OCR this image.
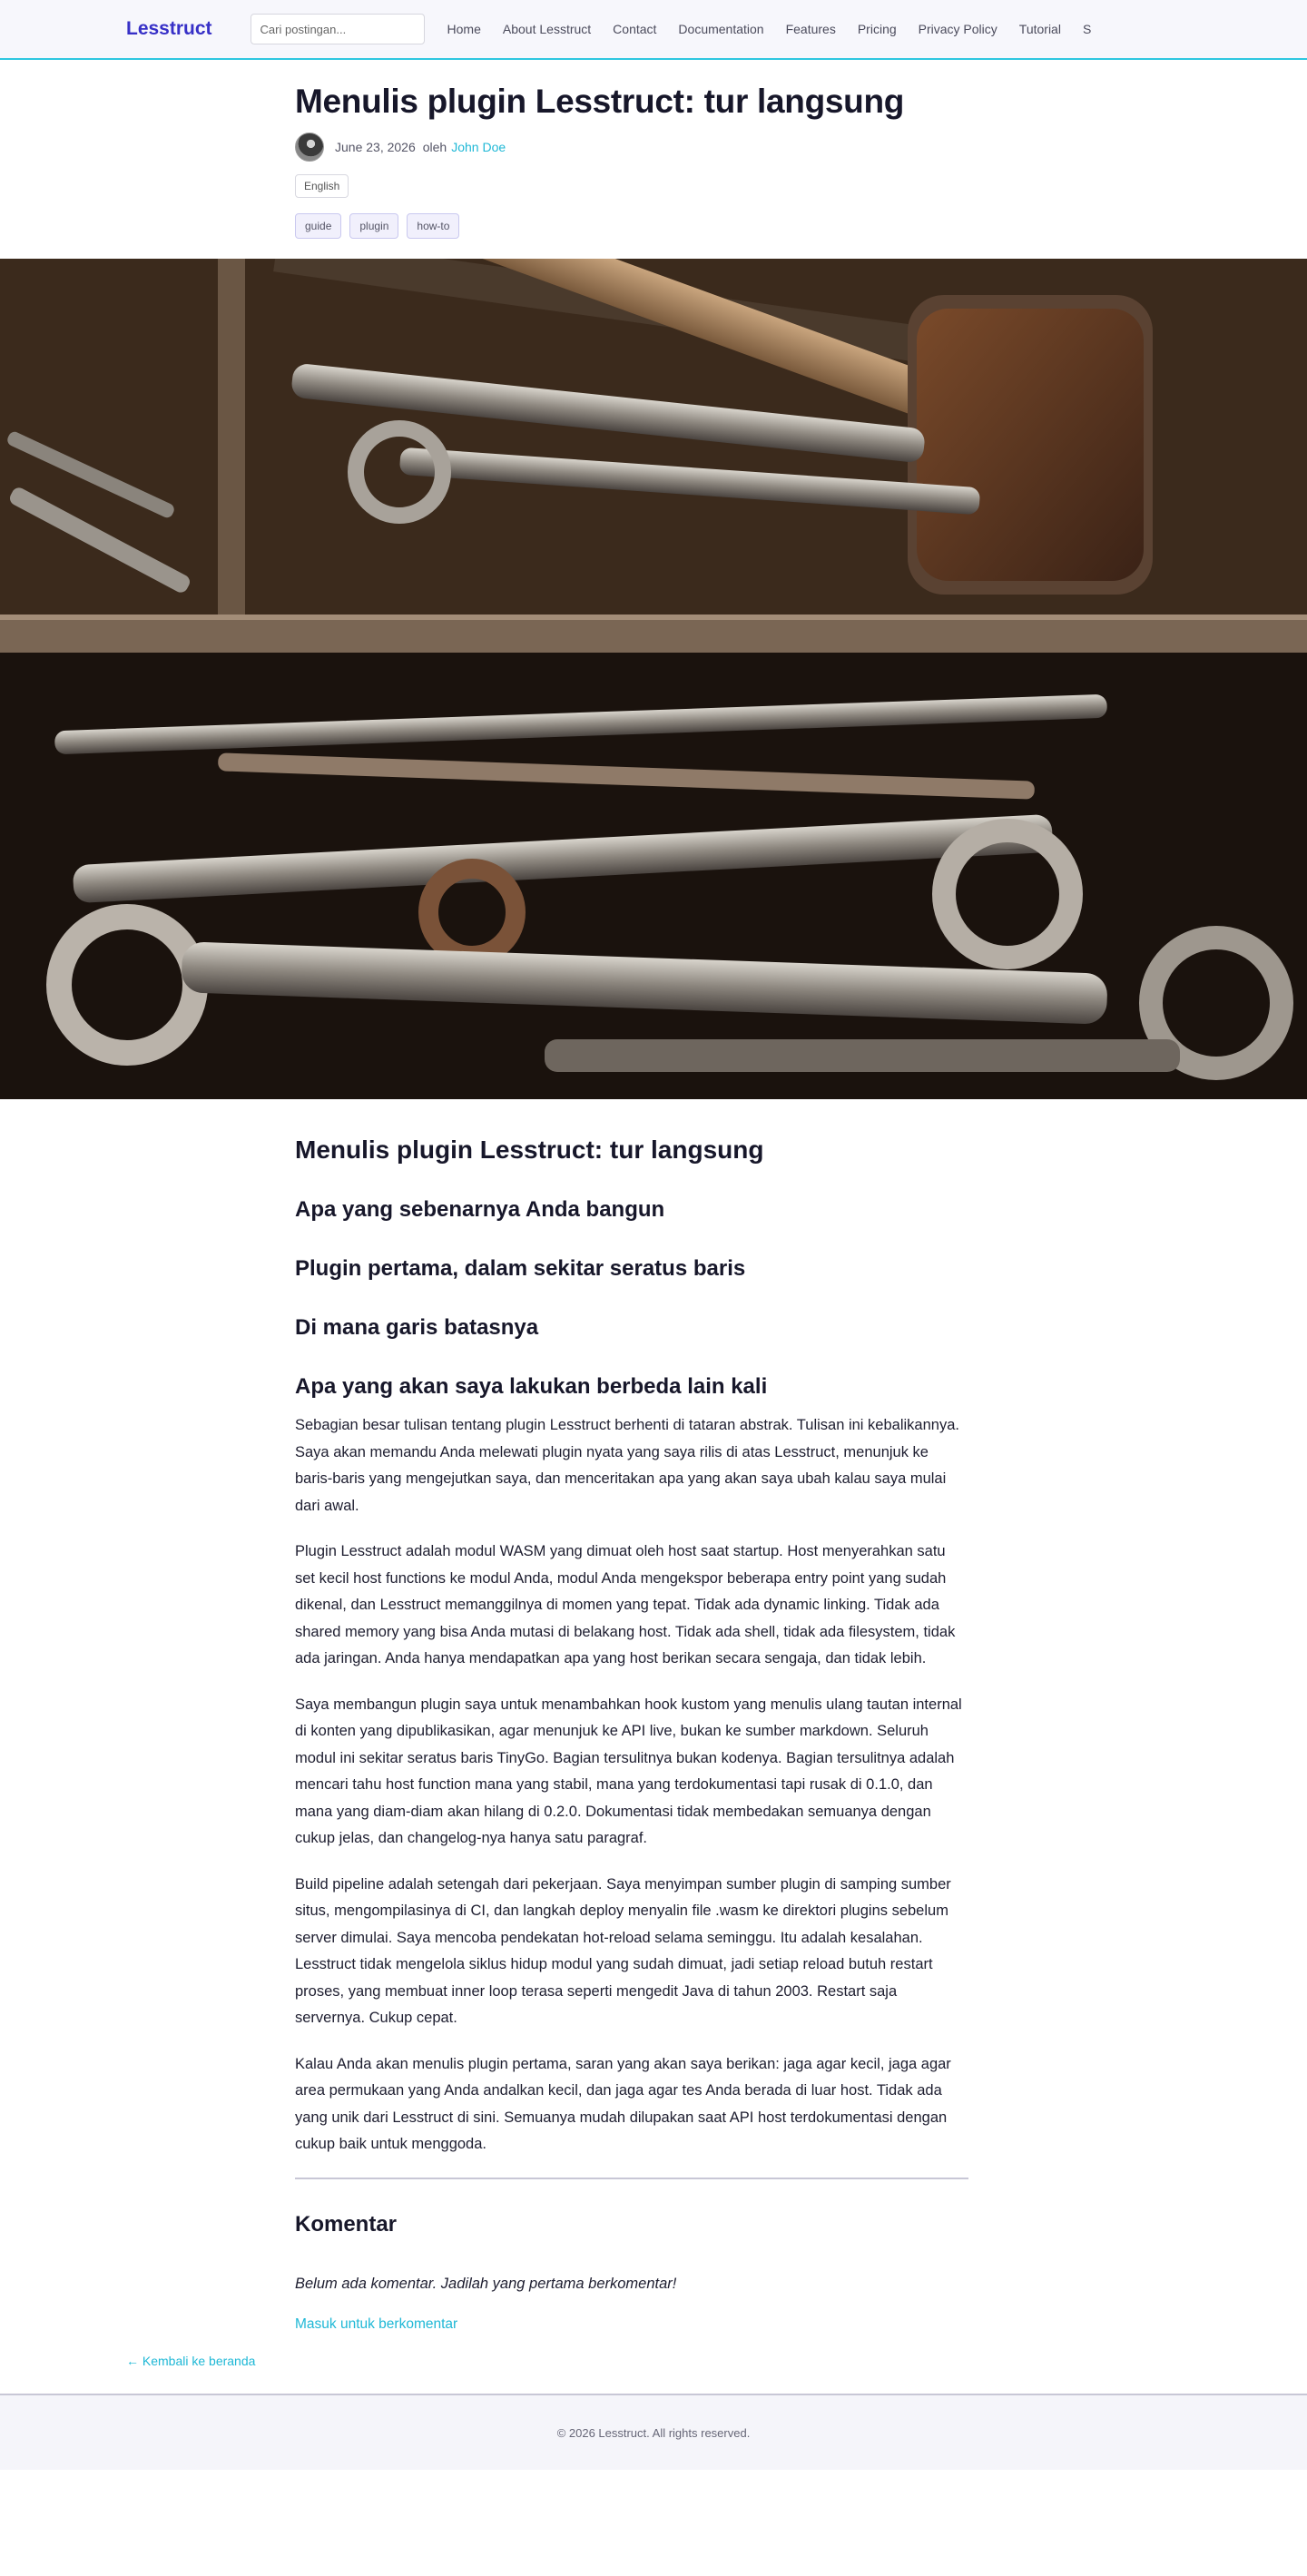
Lesstruct
Cari postingan...	Home About Lesstruct Contact Documentation Features Pricing Privacy Policy Tutorial S
Menulis plugin Lesstruct: tur langsung
June 23, 2026 oleh John Doe
English
guide	plugin	how-to
Menulis plugin Lesstruct: tur langsung
Apa yang sebenarnya Anda bangun
Plugin pertama, dalam sekitar seratus baris
Di mana garis batasnya
Apa yang akan saya lakukan berbeda lain kali

Sebagian besar tulisan tentang plugin Lesstruct berhenti di tataran abstrak. Tulisan ini kebalikannya. Saya akan memandu Anda melewati plugin nyata yang saya rilis di atas Lesstruct, menunjuk ke baris-baris yang mengejutkan saya, dan menceritakan apa yang akan saya ubah kalau saya mulai dari awal.

Plugin Lesstruct adalah modul WASM yang dimuat oleh host saat startup. Host menyerahkan satu set kecil host functions ke modul Anda, modul Anda mengekspor beberapa entry point yang sudah dikenal, dan Lesstruct memanggilnya di momen yang tepat. Tidak ada dynamic linking. Tidak ada shared memory yang bisa Anda mutasi di belakang host. Tidak ada shell, tidak ada filesystem, tidak ada jaringan. Anda hanya mendapatkan apa yang host berikan secara sengaja, dan tidak lebih.

Saya membangun plugin saya untuk menambahkan hook kustom yang menulis ulang tautan internal di konten yang dipublikasikan, agar menunjuk ke API live, bukan ke sumber markdown. Seluruh modul ini sekitar seratus baris TinyGo. Bagian tersulitnya bukan kodenya. Bagian tersulitnya adalah mencari tahu host function mana yang stabil, mana yang terdokumentasi tapi rusak di 0.1.0, dan mana yang diam-diam akan hilang di 0.2.0. Dokumentasi tidak membedakan semuanya dengan cukup jelas, dan changelog-nya hanya satu paragraf.

Build pipeline adalah setengah dari pekerjaan. Saya menyimpan sumber plugin di samping sumber situs, mengompilasinya di CI, dan langkah deploy menyalin file .wasm ke direktori plugins sebelum server dimulai. Saya mencoba pendekatan hot-reload selama seminggu. Itu adalah kesalahan. Lesstruct tidak mengelola siklus hidup modul yang sudah dimuat, jadi setiap reload butuh restart proses, yang membuat inner loop terasa seperti mengedit Java di tahun 2003. Restart saja servernya. Cukup cepat.

Kalau Anda akan menulis plugin pertama, saran yang akan saya berikan: jaga agar kecil, jaga agar area permukaan yang Anda andalkan kecil, dan jaga agar tes Anda berada di luar host. Tidak ada yang unik dari Lesstruct di sini. Semuanya mudah dilupakan saat API host terdokumentasi dengan cukup baik untuk menggoda.

Komentar

Belum ada komentar. Jadilah yang pertama berkomentar!

Masuk untuk berkomentar
← Kembali ke beranda
© 2026 Lesstruct. All rights reserved.
